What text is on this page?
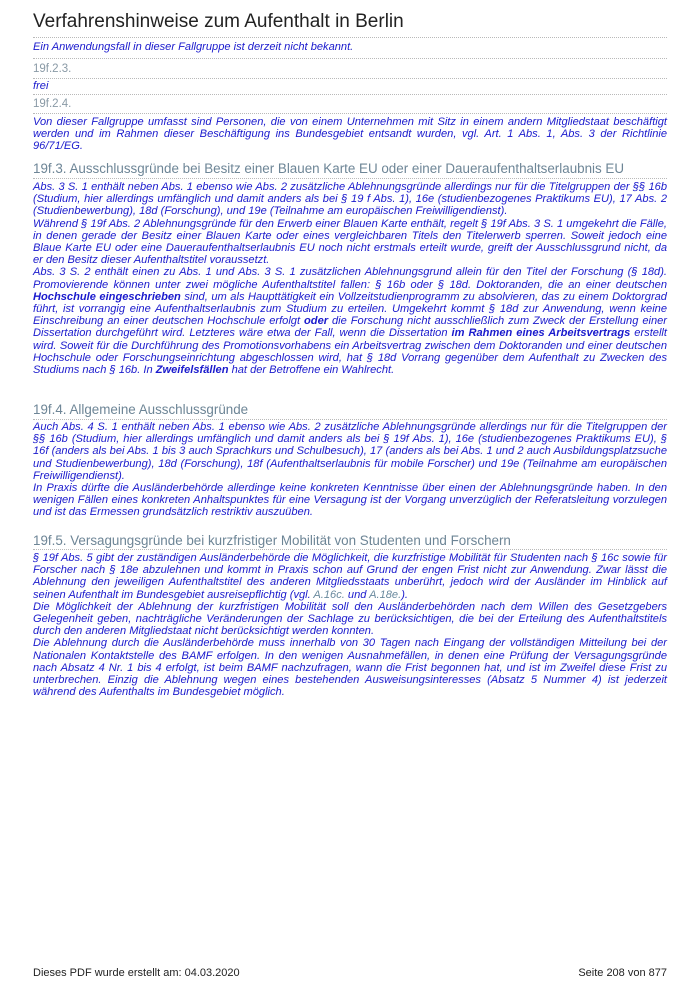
Verfahrenshinweise zum Aufenthalt in Berlin

Ein Anwendungsfall in dieser Fallgruppe ist derzeit nicht bekannt.

19f.2.3.

frei

19f.2.4.

Von dieser Fallgruppe umfasst sind Personen, die von einem Unternehmen mit Sitz in einem andern Mitgliedstaat beschäftigt werden und im Rahmen dieser Beschäftigung ins Bundesgebiet entsandt wurden, vgl. Art. 1 Abs. 1, Abs. 3 der Richtlinie 96/71/EG.

19f.3. Ausschlussgründe bei Besitz einer Blauen Karte EU oder einer Daueraufenthaltserlaubnis EU

Abs. 3 S. 1 enthält neben Abs. 1 ebenso wie Abs. 2 zusätzliche Ablehnungsgründe allerdings nur für die Titelgruppen der §§ 16b (Studium, hier allerdings umfänglich und damit anders als bei § 19 f Abs. 1), 16e (studienbezogenes Praktikums EU), 17 Abs. 2 (Studienbewerbung), 18d (Forschung), und 19e (Teilnahme am europäischen Freiwilligendienst).

Während § 19f Abs. 2 Ablehnungsgründe für den Erwerb einer Blauen Karte enthält, regelt § 19f Abs. 3 S. 1 umgekehrt die Fälle, in denen gerade der Besitz einer Blauen Karte oder eines vergleichbaren Titels den Titelerwerb sperren. Soweit jedoch eine Blaue Karte EU oder eine Daueraufenthaltserlaubnis EU noch nicht erstmals erteilt wurde, greift der Ausschlussgrund nicht, da er den Besitz dieser Aufenthaltstitel voraussetzt.

Abs. 3 S. 2 enthält einen zu Abs. 1 und Abs. 3 S. 1 zusätzlichen Ablehnungsgrund allein für den Titel der Forschung (§ 18d). Promovierende können unter zwei mögliche Aufenthaltstitel fallen: § 16b oder § 18d. Doktoranden, die an einer deutschen Hochschule eingeschrieben sind, um als Haupttätigkeit ein Vollzeitstudienprogramm zu absolvieren, das zu einem Doktorgrad führt, ist vorrangig eine Aufenthaltserlaubnis zum Studium zu erteilen. Umgekehrt kommt § 18d zur Anwendung, wenn keine Einschreibung an einer deutschen Hochschule erfolgt oder die Forschung nicht ausschließlich zum Zweck der Erstellung einer Dissertation durchgeführt wird. Letzteres wäre etwa der Fall, wenn die Dissertation im Rahmen eines Arbeitsvertrags erstellt wird. Soweit für die Durchführung des Promotionsvorhabens ein Arbeitsvertrag zwischen dem Doktoranden und einer deutschen Hochschule oder Forschungseinrichtung abgeschlossen wird, hat § 18d Vorrang gegenüber dem Aufenthalt zu Zwecken des Studiums nach § 16b. In Zweifelsfällen hat der Betroffene ein Wahlrecht.

19f.4. Allgemeine Ausschlussgründe

Auch Abs. 4 S. 1 enthält neben Abs. 1 ebenso wie Abs. 2 zusätzliche Ablehnungsgründe allerdings nur für die Titelgruppen der §§ 16b (Studium, hier allerdings umfänglich und damit anders als bei § 19f Abs. 1), 16e (studienbezogenes Praktikums EU), § 16f (anders als bei Abs. 1 bis 3 auch Sprachkurs und Schulbesuch), 17 (anders als bei Abs. 1 und 2 auch Ausbildungsplatzsuche und Studienbewerbung), 18d (Forschung), 18f (Aufenthaltserlaubnis für mobile Forscher) und 19e (Teilnahme am europäischen Freiwilligendienst).

In Praxis dürfte die Ausländerbehörde allerdinge keine konkreten Kenntnisse über einen der Ablehnungsgründe haben. In den wenigen Fällen eines konkreten Anhaltspunktes für eine Versagung ist der Vorgang unverzüglich der Referatsleitung vorzulegen und ist das Ermessen grundsätzlich restriktiv auszuüben.

19f.5. Versagungsgründe bei kurzfristiger Mobilität von Studenten und Forschern

§ 19f Abs. 5 gibt der zuständigen Ausländerbehörde die Möglichkeit, die kurzfristige Mobilität für Studenten nach § 16c sowie für Forscher nach § 18e abzulehnen und kommt in Praxis schon auf Grund der engen Frist nicht zur Anwendung. Zwar lässt die Ablehnung den jeweiligen Aufenthaltstitel des anderen Mitgliedsstaats unberührt, jedoch wird der Ausländer im Hinblick auf seinen Aufenthalt im Bundesgebiet ausreisepflichtig (vgl. A.16c. und A.18e.).

Die Möglichkeit der Ablehnung der kurzfristigen Mobilität soll den Ausländerbehörden nach dem Willen des Gesetzgebers Gelegenheit geben, nachträgliche Veränderungen der Sachlage zu berücksichtigen, die bei der Erteilung des Aufenthaltstitels durch den anderen Mitgliedstaat nicht berücksichtigt werden konnten.

Die Ablehnung durch die Ausländerbehörde muss innerhalb von 30 Tagen nach Eingang der vollständigen Mitteilung bei der Nationalen Kontaktstelle des BAMF erfolgen. In den wenigen Ausnahmefällen, in denen eine Prüfung der Versagungsgründe nach Absatz 4 Nr. 1 bis 4 erfolgt, ist beim BAMF nachzufragen, wann die Frist begonnen hat, und ist im Zweifel diese Frist zu unterbrechen. Einzig die Ablehnung wegen eines bestehenden Ausweisungsinteresses (Absatz 5 Nummer 4) ist jederzeit während des Aufenthalts im Bundesgebiet möglich.

Dieses PDF wurde erstellt am: 04.03.2020	Seite 208 von 877
